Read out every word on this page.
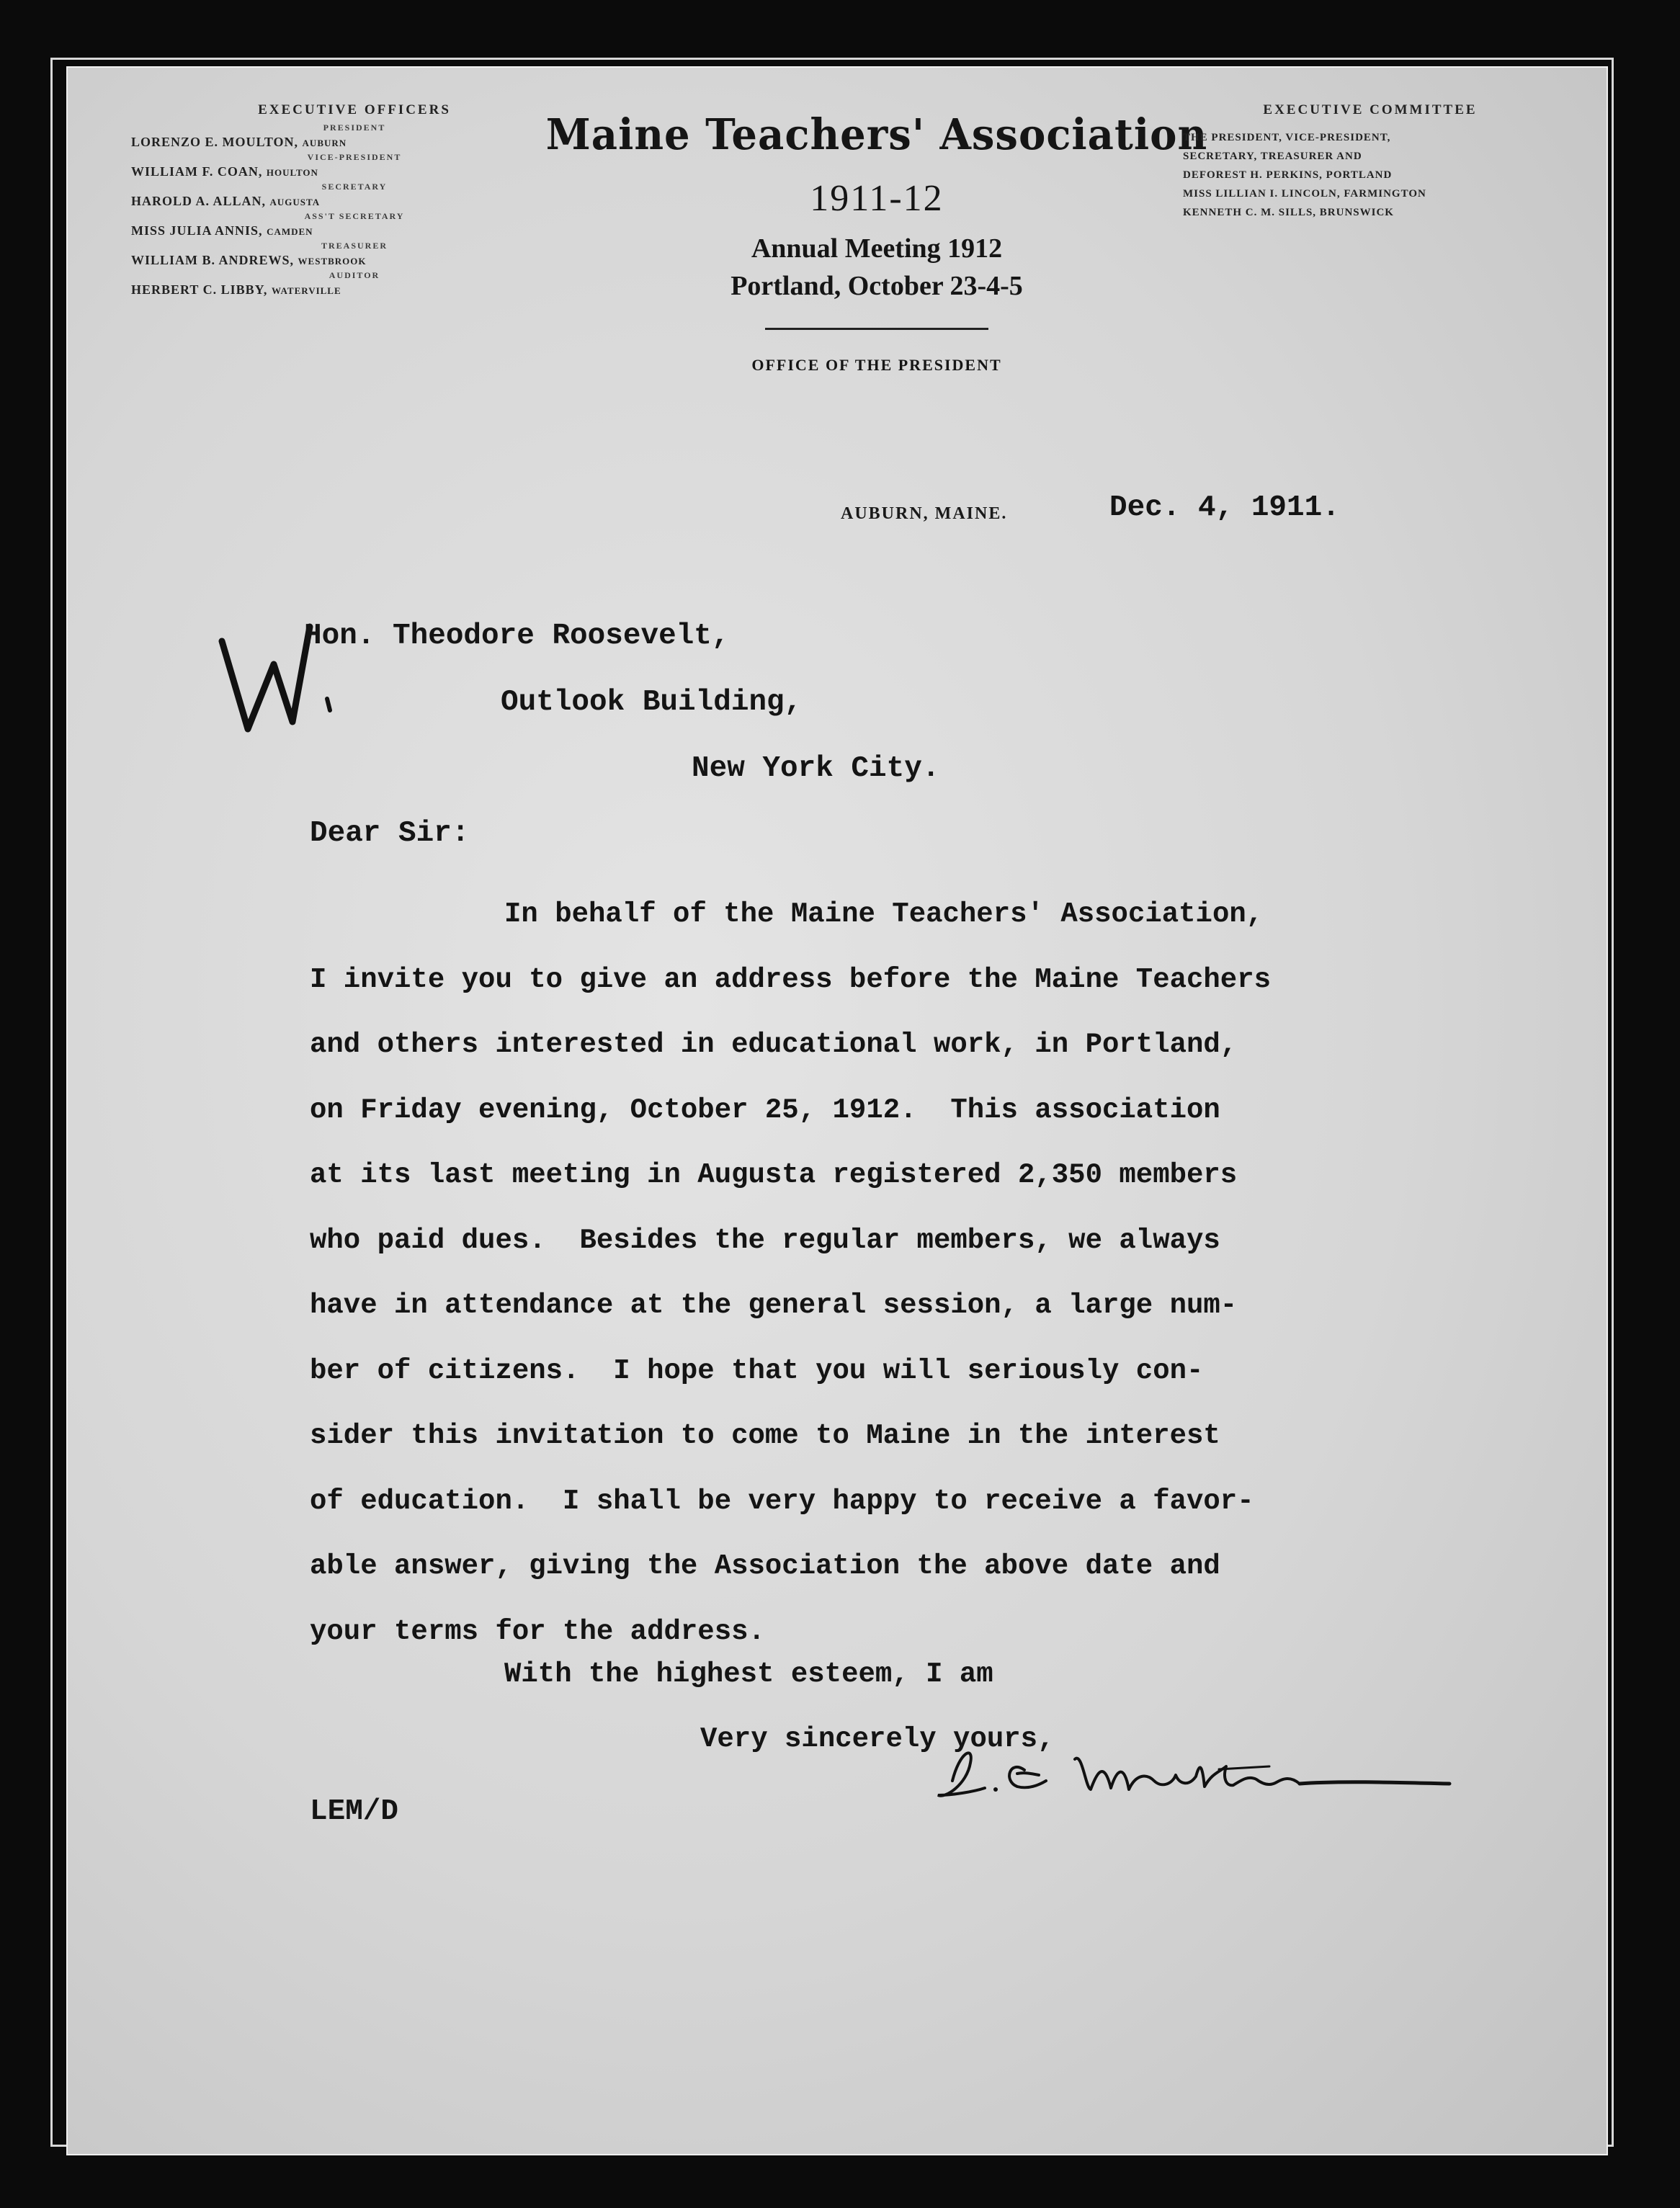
EXECUTIVE OFFICERS
PRESIDENT
LORENZO E. MOULTON, AUBURN
VICE-PRESIDENT
WILLIAM F. COAN, HOULTON
SECRETARY
HAROLD A. ALLAN, AUGUSTA
ASS'T SECRETARY
MISS JULIA ANNIS, CAMDEN
TREASURER
WILLIAM B. ANDREWS, WESTBROOK
AUDITOR
HERBERT C. LIBBY, WATERVILLE
Maine Teachers' Association
1911-12
Annual Meeting 1912
Portland, October 23-4-5
OFFICE OF THE PRESIDENT
EXECUTIVE COMMITTEE
THE PRESIDENT, VICE-PRESIDENT,
SECRETARY, TREASURER AND
DEFOREST H. PERKINS, PORTLAND
MISS LILLIAN I. LINCOLN, FARMINGTON
KENNETH C. M. SILLS, BRUNSWICK
AUBURN, MAINE.	Dec. 4, 1911.
Hon. Theodore Roosevelt,
Outlook Building,
New York City.
Dear Sir:
In behalf of the Maine Teachers' Association,
I invite you to give an address before the Maine Teachers
and others interested in educational work, in Portland,
on Friday evening, October 25, 1912.  This association
at its last meeting in Augusta registered 2,350 members
who paid dues.  Besides the regular members, we always
have in attendance at the general session, a large num-
ber of citizens.  I hope that you will seriously con-
sider this invitation to come to Maine in the interest
of education.  I shall be very happy to receive a favor-
able answer, giving the Association the above date and
your terms for the address.
With the highest esteem, I am
Very sincerely yours,
LEM/D
